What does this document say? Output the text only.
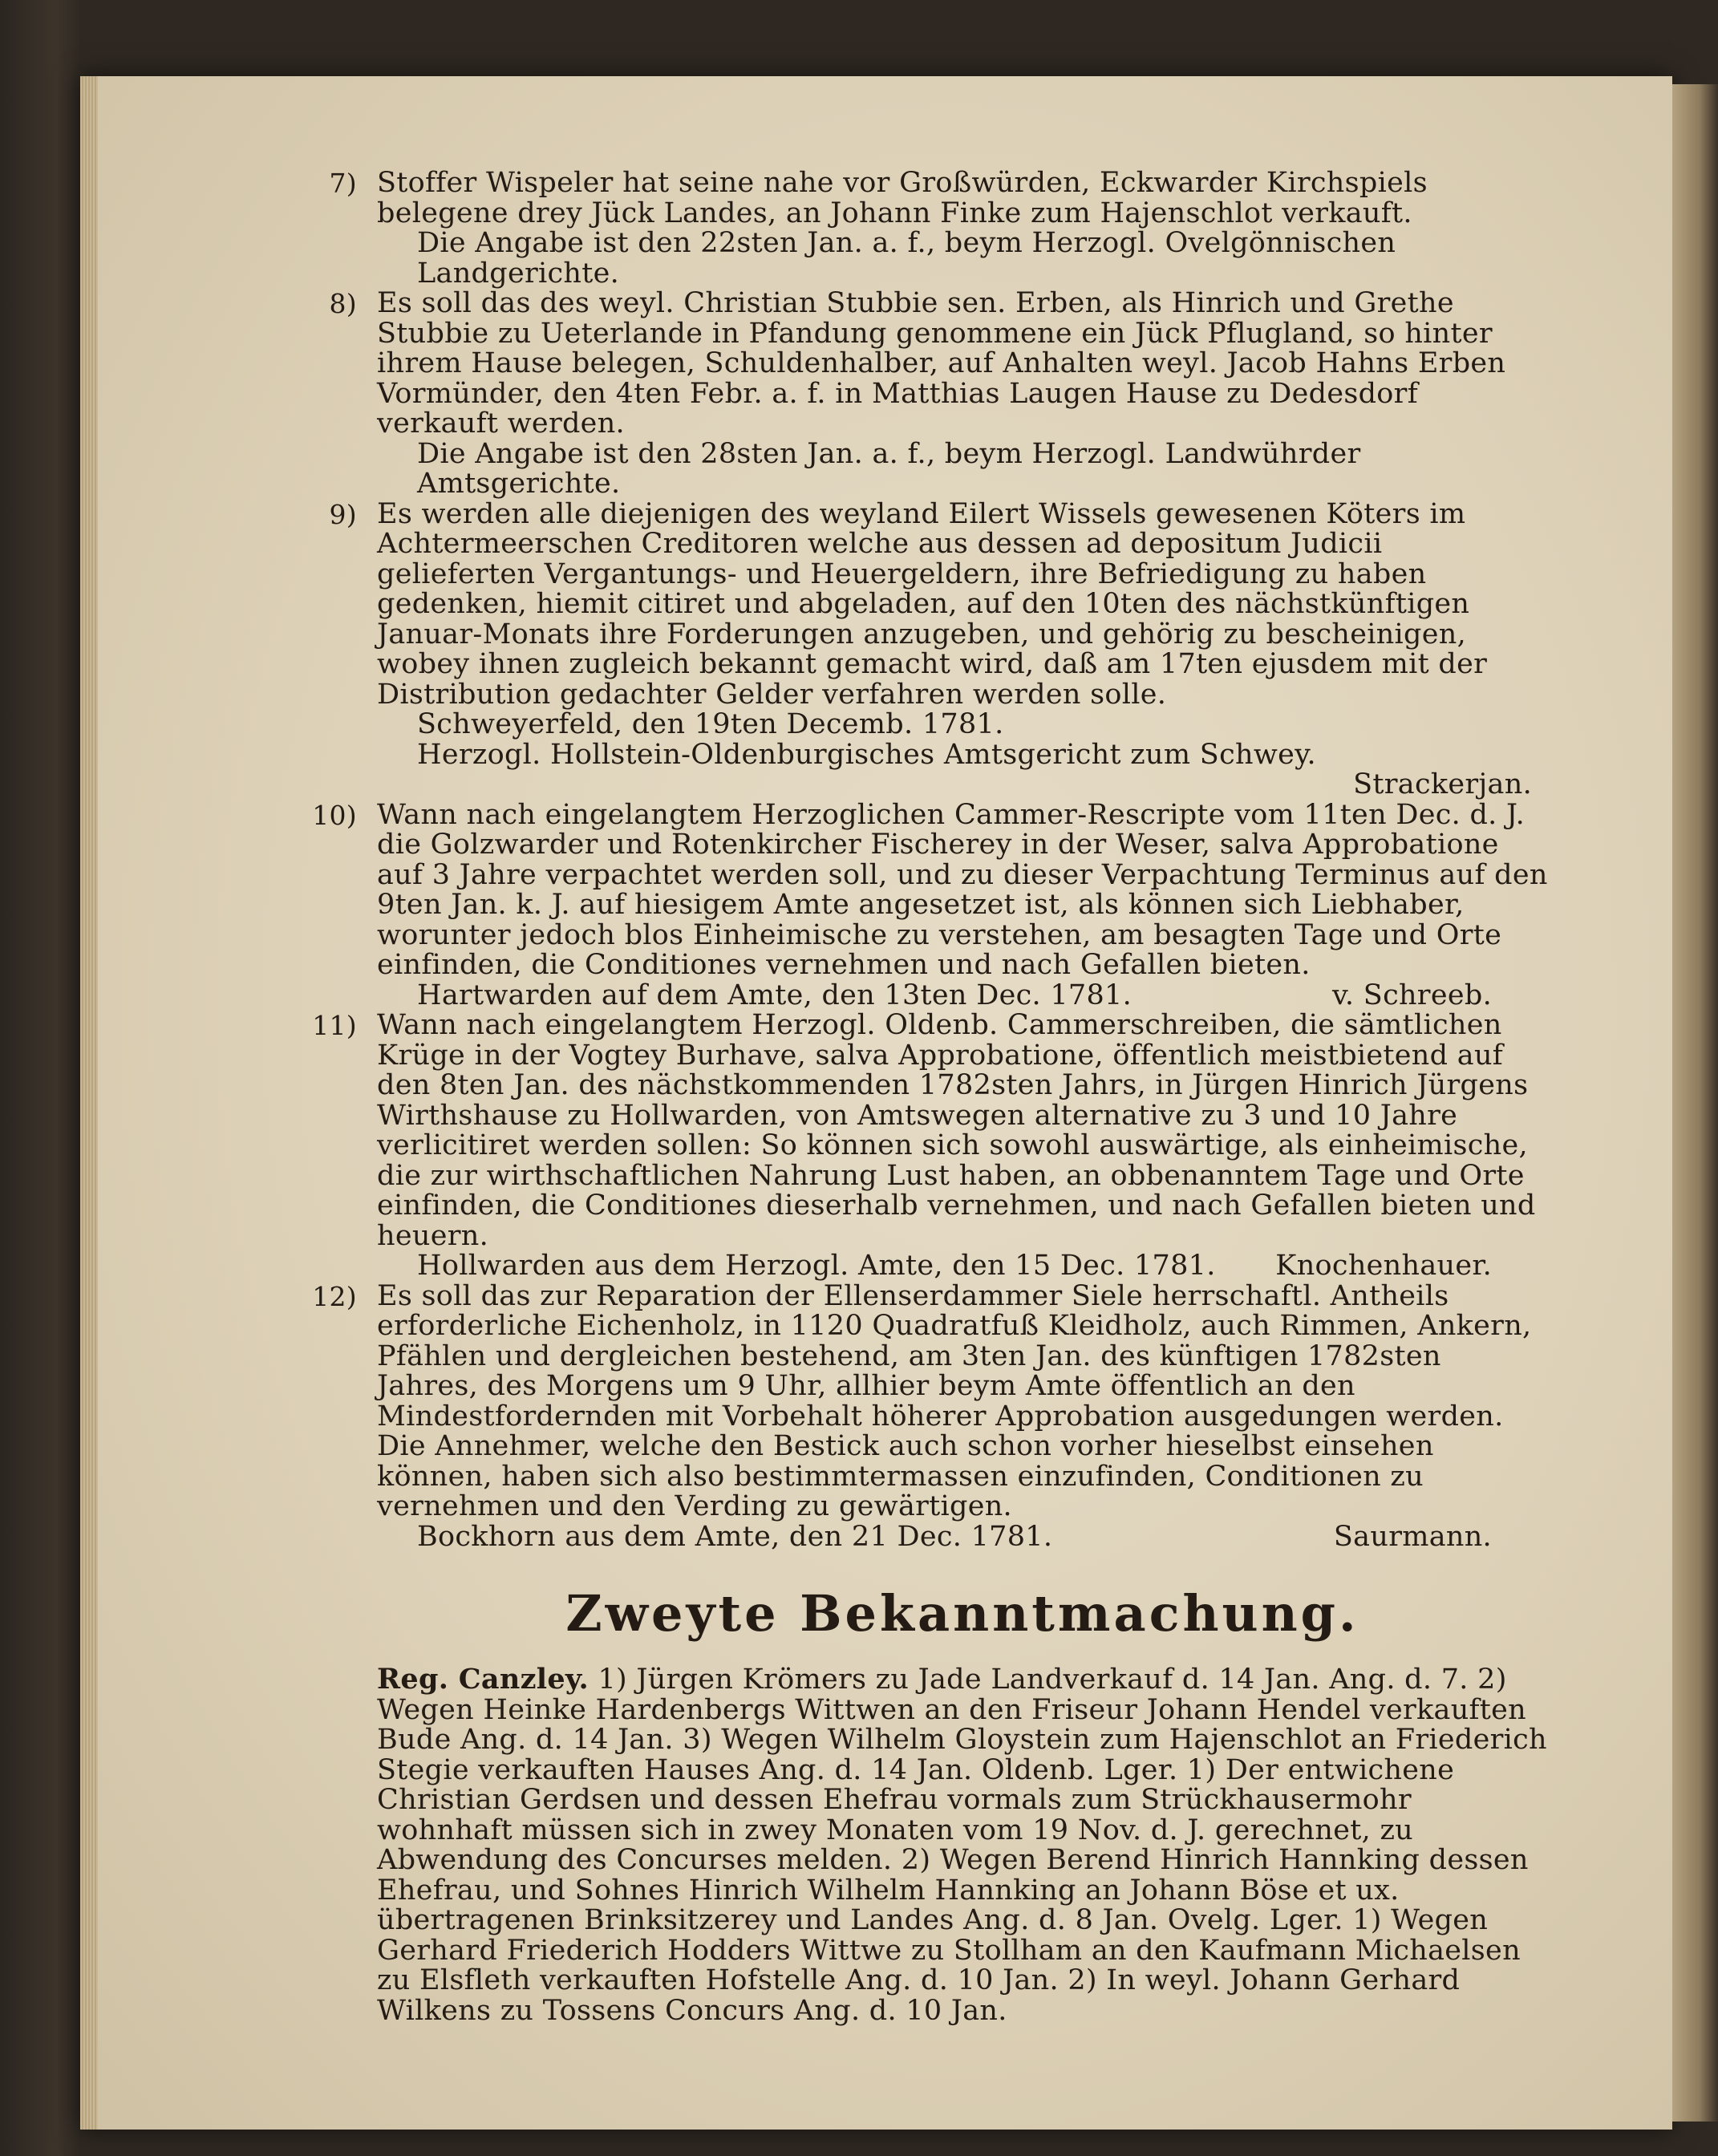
7) Stoffer Wispeler hat seine nahe vor Großwürden, Eckwarder Kirchspiels belegene drey Jück Landes, an Johann Finke zum Hajenschlot verkauft.

Die Angabe ist den 22sten Jan. a. f., beym Herzogl. Ovelgönnischen Landgerichte.

8) Es soll das des weyl. Christian Stubbie sen. Erben, als Hinrich und Grethe Stubbie zu Ueterlande in Pfandung genommene ein Jück Pflugland, so hinter ihrem Hause belegen, Schuldenhalber, auf Anhalten weyl. Jacob Hahns Erben Vormünder, den 4ten Febr. a. f. in Matthias Laugen Hause zu Dedesdorf verkauft werden.

Die Angabe ist den 28sten Jan. a. f., beym Herzogl. Landwührder Amtsgerichte.

9) Es werden alle diejenigen des weyland Eilert Wissels gewesenen Köters im Achtermeerschen Creditoren welche aus dessen ad depositum Judicii gelieferten Vergantungs- und Heuergeldern, ihre Befriedigung zu haben gedenken, hiemit citiret und abgeladen, auf den 10ten des nächstkünftigen Januar-Monats ihre Forderungen anzugeben, und gehörig zu bescheinigen, wobey ihnen zugleich bekannt gemacht wird, daß am 17ten ejusdem mit der Distribution gedachter Gelder verfahren werden solle.

Schweyerfeld, den 19ten Decemb. 1781.

Herzogl. Hollstein-Oldenburgisches Amtsgericht zum Schwey.

Strackerjan.

10) Wann nach eingelangtem Herzoglichen Cammer-Rescripte vom 11ten Dec. d. J. die Golzwarder und Rotenkircher Fischerey in der Weser, salva Approbatione auf 3 Jahre verpachtet werden soll, und zu dieser Verpachtung Terminus auf den 9ten Jan. k. J. auf hiesigem Amte angesetzet ist, als können sich Liebhaber, worunter jedoch blos Einheimische zu verstehen, am besagten Tage und Orte einfinden, die Conditiones vernehmen und nach Gefallen bieten.

Hartwarden auf dem Amte, den 13ten Dec. 1781.	v. Schreeb.
11) Wann nach eingelangtem Herzogl. Oldenb. Cammerschreiben, die sämtlichen Krüge in der Vogtey Burhave, salva Approbatione, öffentlich meistbietend auf den 8ten Jan. des nächstkommenden 1782sten Jahrs, in Jürgen Hinrich Jürgens Wirthshause zu Hollwarden, von Amtswegen alternative zu 3 und 10 Jahre verlicitiret werden sollen: So können sich sowohl auswärtige, als einheimische, die zur wirthschaftlichen Nahrung Lust haben, an obbenanntem Tage und Orte einfinden, die Conditiones dieserhalb vernehmen, und nach Gefallen bieten und heuern.

Hollwarden aus dem Herzogl. Amte, den 15 Dec. 1781. Knochenhauer.
12) Es soll das zur Reparation der Ellenserdammer Siele herrschaftl. Antheils erforderliche Eichenholz, in 1120 Quadratfuß Kleidholz, auch Rimmen, Ankern, Pfählen und dergleichen bestehend, am 3ten Jan. des künftigen 1782sten Jahres, des Morgens um 9 Uhr, allhier beym Amte öffentlich an den Mindestfordernden mit Vorbehalt höherer Approbation ausgedungen werden. Die Annehmer, welche den Bestick auch schon vorher hieselbst einsehen können, haben sich also bestimmtermassen einzufinden, Conditionen zu vernehmen und den Verding zu gewärtigen.

Bockhorn aus dem Amte, den 21 Dec. 1781.	Saurmann.
Zweyte Bekanntmachung.

Reg. Canzley. 1) Jürgen Krömers zu Jade Landverkauf d. 14 Jan. Ang. d. 7. 2) Wegen Heinke Hardenbergs Wittwen an den Friseur Johann Hendel verkauften Bude Ang. d. 14 Jan. 3) Wegen Wilhelm Gloystein zum Hajenschlot an Friederich Stegie verkauften Hauses Ang. d. 14 Jan. Oldenb. Lger. 1) Der entwichene Christian Gerdsen und dessen Ehefrau vormals zum Strückhausermohr wohnhaft müssen sich in zwey Monaten vom 19 Nov. d. J. gerechnet, zu Abwendung des Concurses melden. 2) Wegen Berend Hinrich Hannking dessen Ehefrau, und Sohnes Hinrich Wilhelm Hannking an Johann Böse et ux. übertragenen Brinksitzerey und Landes Ang. d. 8 Jan. Ovelg. Lger. 1) Wegen Gerhard Friederich Hodders Wittwe zu Stollham an den Kaufmann Michaelsen zu Elsfleth verkauften Hofstelle Ang. d. 10 Jan. 2) In weyl. Johann Gerhard Wilkens zu Tossens Concurs Ang. d. 10 Jan.
